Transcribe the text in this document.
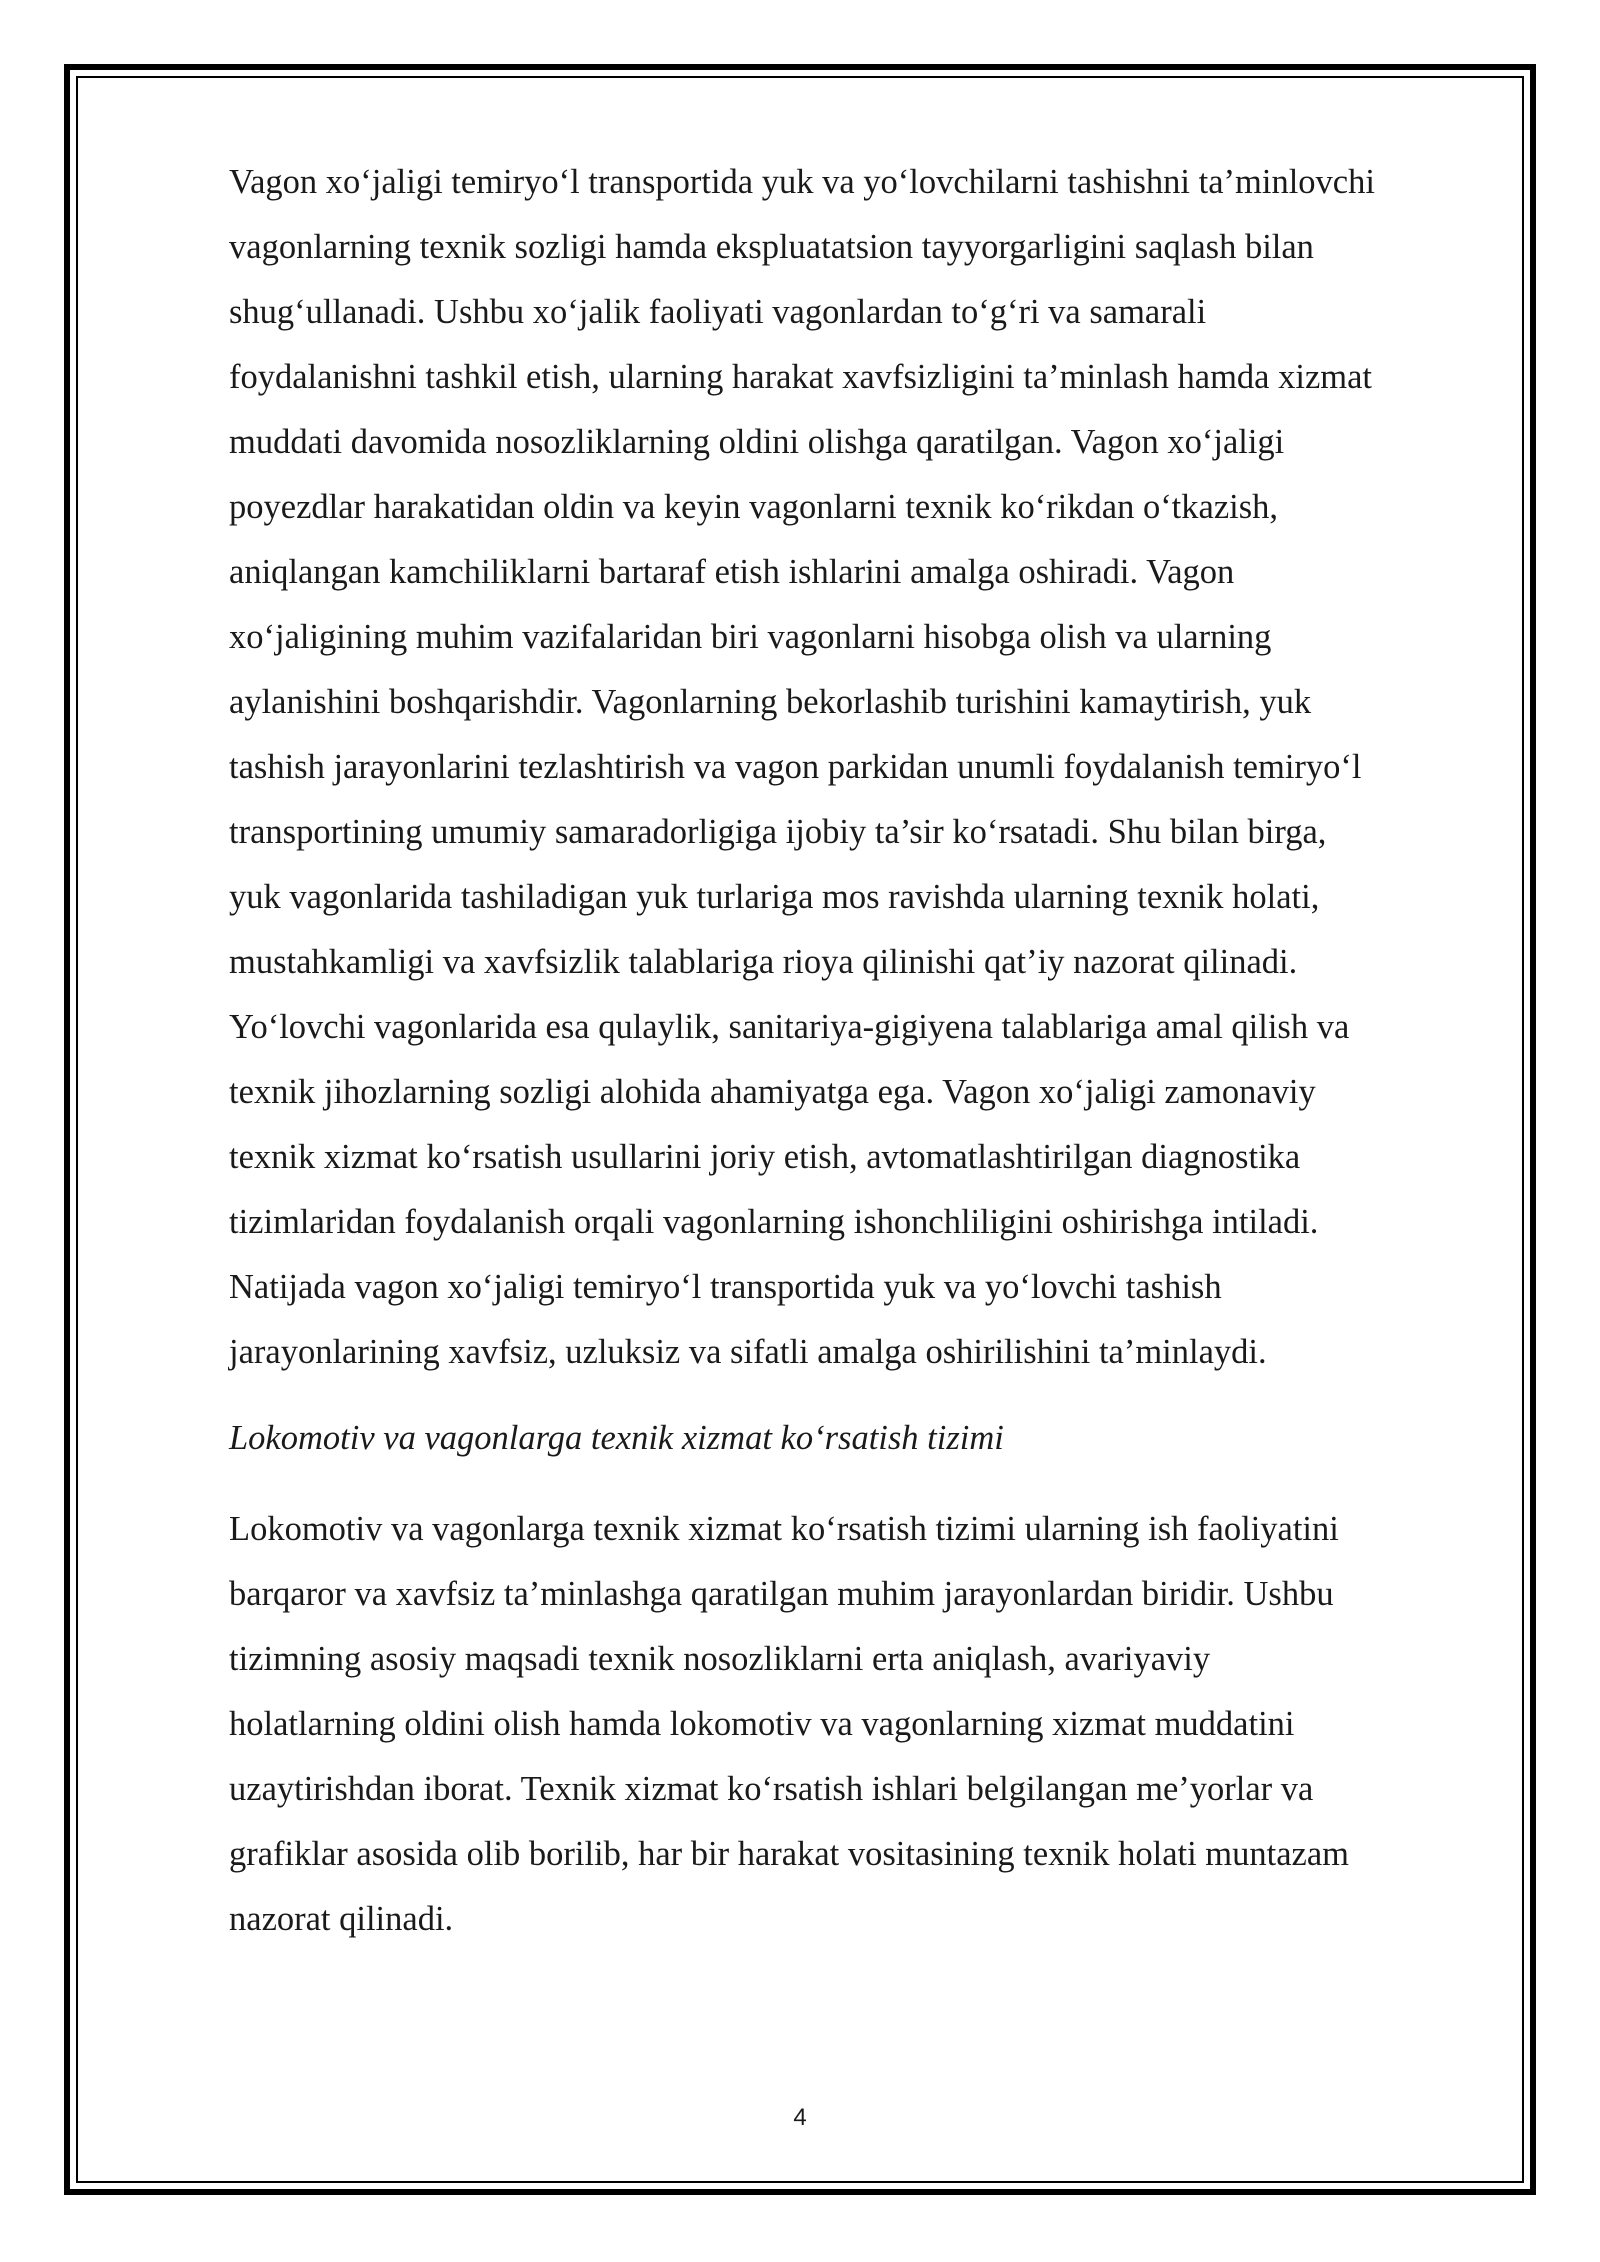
Vagon xo‘jaligi temiryo‘l transportida yuk va yo‘lovchilarni tashishni ta’minlovchi
vagonlarning texnik sozligi hamda ekspluatatsion tayyorgarligini saqlash bilan
shug‘ullanadi. Ushbu xo‘jalik faoliyati vagonlardan to‘g‘ri va samarali
foydalanishni tashkil etish, ularning harakat xavfsizligini ta’minlash hamda xizmat
muddati davomida nosozliklarning oldini olishga qaratilgan. Vagon xo‘jaligi
poyezdlar harakatidan oldin va keyin vagonlarni texnik ko‘rikdan o‘tkazish,
aniqlangan kamchiliklarni bartaraf etish ishlarini amalga oshiradi. Vagon
xo‘jaligining muhim vazifalaridan biri vagonlarni hisobga olish va ularning
aylanishini boshqarishdir. Vagonlarning bekorlashib turishini kamaytirish, yuk
tashish jarayonlarini tezlashtirish va vagon parkidan unumli foydalanish temiryo‘l
transportining umumiy samaradorligiga ijobiy ta’sir ko‘rsatadi. Shu bilan birga,
yuk vagonlarida tashiladigan yuk turlariga mos ravishda ularning texnik holati,
mustahkamligi va xavfsizlik talablariga rioya qilinishi qat’iy nazorat qilinadi.
Yo‘lovchi vagonlarida esa qulaylik, sanitariya-gigiyena talablariga amal qilish va
texnik jihozlarning sozligi alohida ahamiyatga ega. Vagon xo‘jaligi zamonaviy
texnik xizmat ko‘rsatish usullarini joriy etish, avtomatlashtirilgan diagnostika
tizimlaridan foydalanish orqali vagonlarning ishonchliligini oshirishga intiladi.
Natijada vagon xo‘jaligi temiryo‘l transportida yuk va yo‘lovchi tashish
jarayonlarining xavfsiz, uzluksiz va sifatli amalga oshirilishini ta’minlaydi.

Lokomotiv va vagonlarga texnik xizmat ko‘rsatish tizimi

Lokomotiv va vagonlarga texnik xizmat ko‘rsatish tizimi ularning ish faoliyatini
barqaror va xavfsiz ta’minlashga qaratilgan muhim jarayonlardan biridir. Ushbu
tizimning asosiy maqsadi texnik nosozliklarni erta aniqlash, avariyaviy
holatlarning oldini olish hamda lokomotiv va vagonlarning xizmat muddatini
uzaytirishdan iborat. Texnik xizmat ko‘rsatish ishlari belgilangan me’yorlar va
grafiklar asosida olib borilib, har bir harakat vositasining texnik holati muntazam
nazorat qilinadi.

4
